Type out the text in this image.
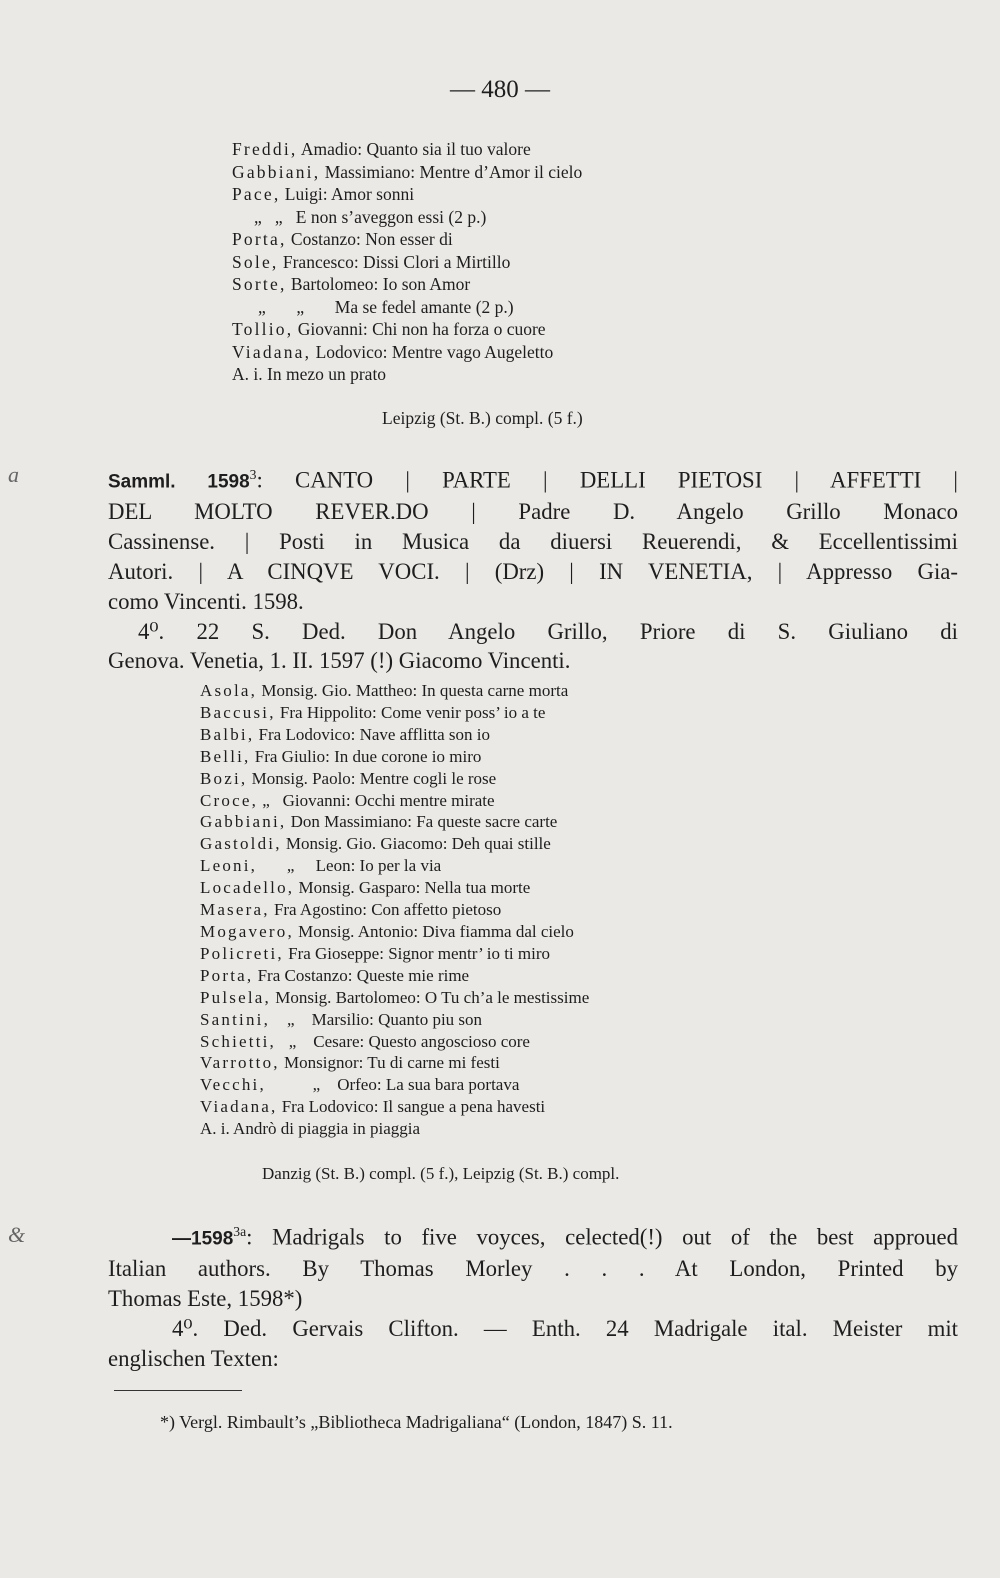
— 480 —
Freddi, Amadio: Quanto sia il tuo valore
Gabbiani, Massimiano: Mentre d’Amor il cielo
Pace, Luigi: Amor sonni
„   „   E non s’aveggon essi (2 p.)
Porta, Costanzo: Non esser di
Sole, Francesco: Dissi Clori a Mirtillo
Sorte, Bartolomeo: Io son Amor
„       „       Ma se fedel amante (2 p.)
Tollio, Giovanni: Chi non ha forza o cuore
Viadana, Lodovico: Mentre vago Augeletto
A. i. In mezo un prato
Leipzig (St. B.) compl. (5 f.)
a	Samml. 1598$^3$: CANTO | PARTE | DELLI PIETOSI | AFFETTI |
DEL MOLTO REVER.DO | Padre D. Angelo Grillo Monaco
Cassinense. | Posti in Musica da diuersi Reuerendi, & Eccellentissimi
Autori. | A CINQVE VOCI. | (Drz) | IN VENETIA, | Appresso Gia-
como Vincenti. 1598.
4⁰. 22 S. Ded. Don Angelo Grillo, Priore di S. Giuliano di
Genova. Venetia, 1. II. 1597 (!) Giacomo Vincenti.
Asola, Monsig. Gio. Mattheo: In questa carne morta
Baccusi, Fra Hippolito: Come venir poss’ io a te
Balbi, Fra Lodovico: Nave afflitta son io
Belli, Fra Giulio: In due corone io miro
Bozi, Monsig. Paolo: Mentre cogli le rose
Croce, „   Giovanni: Occhi mentre mirate
Gabbiani, Don Massimiano: Fa queste sacre carte
Gastoldi, Monsig. Gio. Giacomo: Deh quai stille
Leoni,       „     Leon: Io per la via
Locadello, Monsig. Gasparo: Nella tua morte
Masera, Fra Agostino: Con affetto pietoso
Mogavero, Monsig. Antonio: Diva fiamma dal cielo
Policreti, Fra Gioseppe: Signor mentr’ io ti miro
Porta, Fra Costanzo: Queste mie rime
Pulsela, Monsig. Bartolomeo: O Tu ch’a le mestissime
Santini,    „    Marsilio: Quanto piu son
Schietti,   „    Cesare: Questo angoscioso core
Varrotto, Monsignor: Tu di carne mi festi
Vecchi,           „    Orfeo: La sua bara portava
Viadana, Fra Lodovico: Il sangue a pena havesti
A. i. Andrò di piaggia in piaggia
Danzig (St. B.) compl. (5 f.), Leipzig (St. B.) compl.
&	$—1598^{3a}$: Madrigals to five voyces, celected(!) out of the best approued
Italian authors. By Thomas Morley . . . At London, Printed by
Thomas Este, 1598*)
4⁰. Ded. Gervais Clifton. — Enth. 24 Madrigale ital. Meister mit
englischen Texten:
*) Vergl. Rimbault’s „Bibliotheca Madrigaliana“ (London, 1847) S. 11.
